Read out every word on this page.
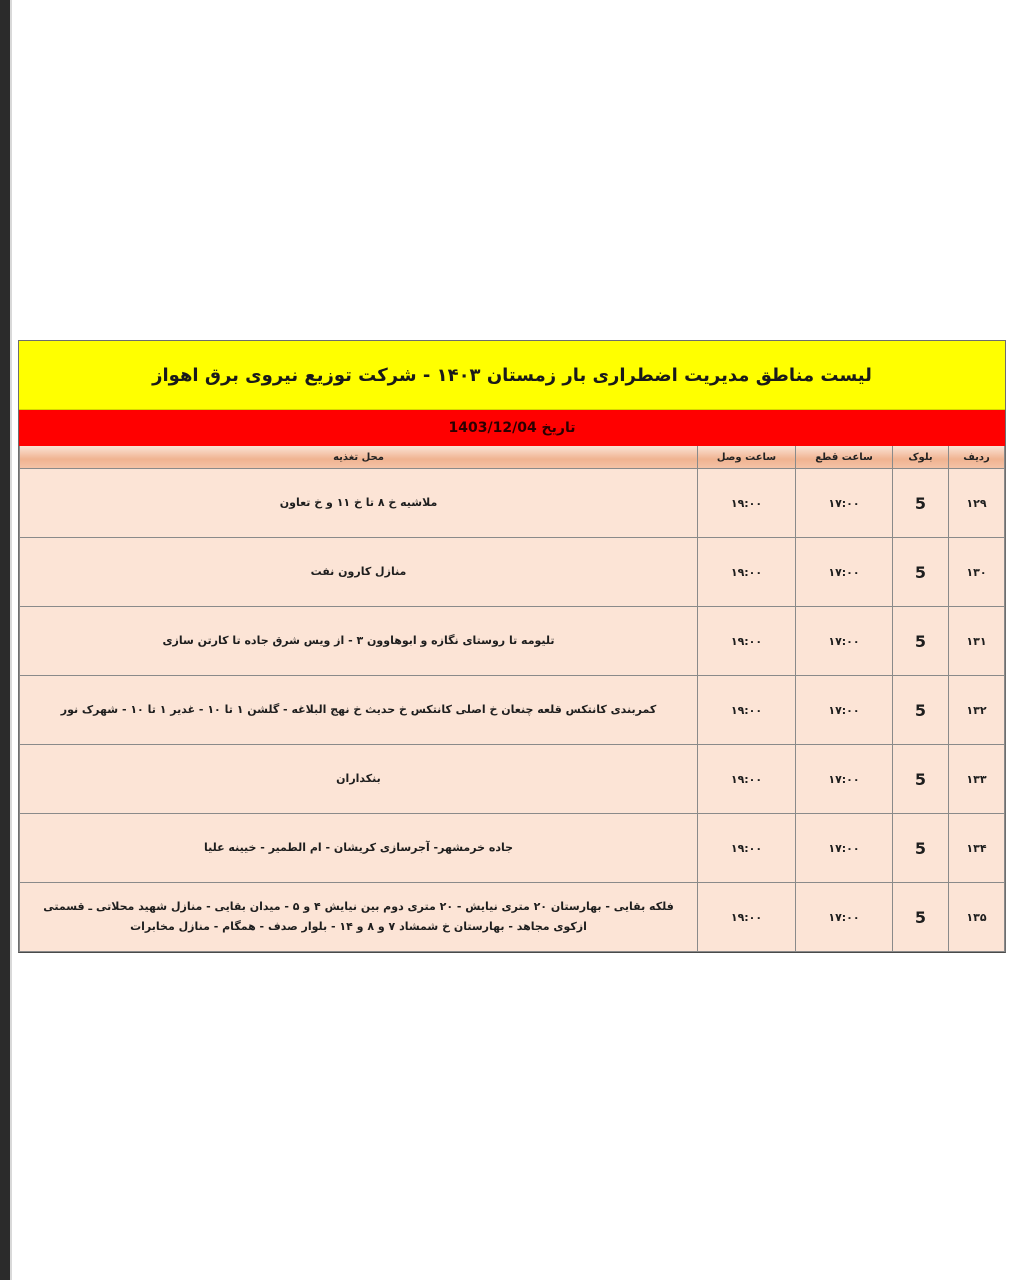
لیست مناطق مدیریت اضطراری بار زمستان ۱۴۰۳ - شرکت توزیع نیروی برق اهواز
تاریخ 1403/12/04
ردیف	بلوک	ساعت قطع	ساعت وصل	محل تغذیه
۱۲۹	5	۱۷:۰۰	۱۹:۰۰	ملاشیه خ ۸ تا خ ۱۱ و خ تعاون
۱۳۰	5	۱۷:۰۰	۱۹:۰۰	منازل کارون نفت
۱۳۱	5	۱۷:۰۰	۱۹:۰۰	تلیومه تا روستای نگازه و ابوهاوون ۳ - از ویس شرق جاده تا کارتن سازی
۱۳۲	5	۱۷:۰۰	۱۹:۰۰	کمربندی کانتکس قلعه چنعان خ اصلی کانتکس خ حدیث خ نهج البلاغه - گلشن ۱ تا ۱۰ - غدیر ۱ تا ۱۰ - شهرک نور
۱۳۳	5	۱۷:۰۰	۱۹:۰۰	بنکداران
۱۳۴	5	۱۷:۰۰	۱۹:۰۰	جاده خرمشهر- آجرسازی کریشان - ام الطمیر - خیینه علیا
۱۳۵	5	۱۷:۰۰	۱۹:۰۰	فلکه بقایی - بهارستان ۲۰ متری نیایش - ۲۰ متری دوم بین نیایش ۴ و ۵ - میدان بقایی - منازل شهید محلاتی ـ قسمتی ازکوی مجاهد - بهارستان خ شمشاد ۷ و ۸ و ۱۴ - بلوار صدف - همگام - منازل مخابرات
